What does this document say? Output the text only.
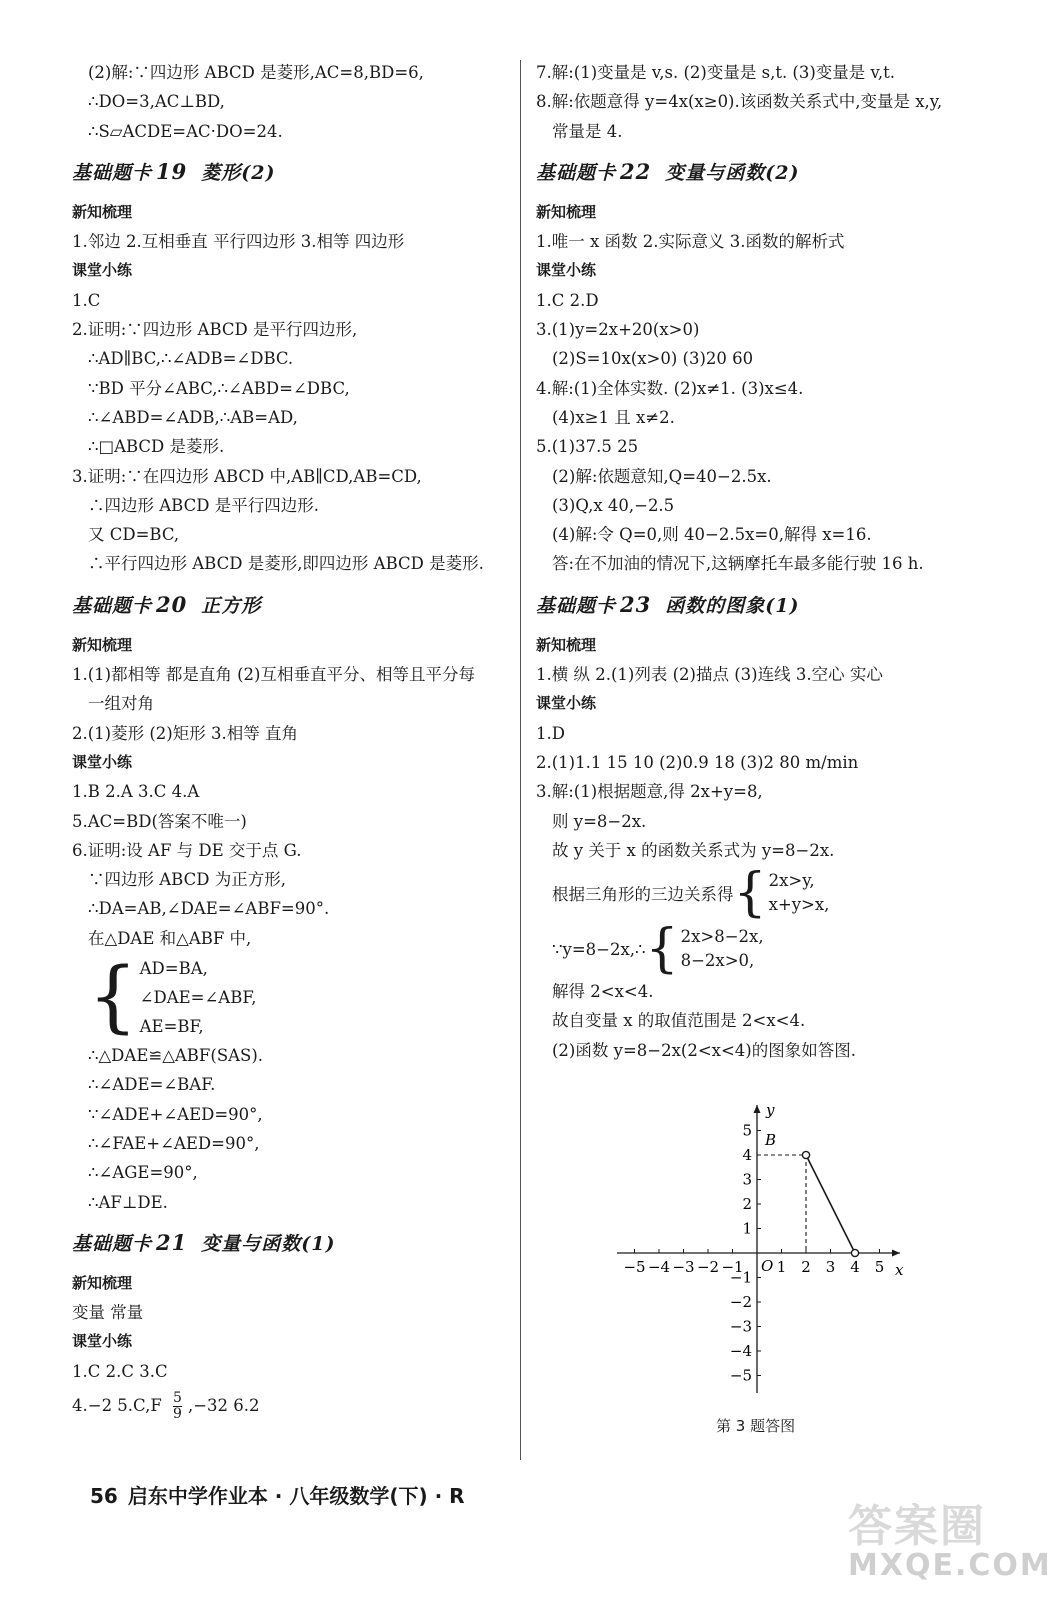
(2)解:∵四边形 ABCD 是菱形,AC=8,BD=6,
∴DO=3,AC⊥BD,
∴S▱ACDE=AC·DO=24.
基础题卡 19 菱形(2)
新知梳理
1.邻边 2.互相垂直 平行四边形 3.相等 四边形
课堂小练
1.C
2.证明:∵四边形 ABCD 是平行四边形,
∴AD∥BC,∴∠ADB=∠DBC.
∵BD 平分∠ABC,∴∠ABD=∠DBC,
∴∠ABD=∠ADB,∴AB=AD,
∴□ABCD 是菱形.
3.证明:∵在四边形 ABCD 中,AB∥CD,AB=CD,
∴四边形 ABCD 是平行四边形.
又 CD=BC,
∴平行四边形 ABCD 是菱形,即四边形 ABCD 是菱形.
基础题卡 20 正方形
新知梳理
1.(1)都相等 都是直角 (2)互相垂直平分、相等且平分每
一组对角
2.(1)菱形 (2)矩形 3.相等 直角
课堂小练
1.B 2.A 3.C 4.A
5.AC=BD(答案不唯一)
6.证明:设 AF 与 DE 交于点 G.
∵四边形 ABCD 为正方形,
∴DA=AB,∠DAE=∠ABF=90°.
在△DAE 和△ABF 中,
{ AD=BA,
∠DAE=∠ABF,
AE=BF,
∴△DAE≌△ABF(SAS).
∴∠ADE=∠BAF.
∵∠ADE+∠AED=90°,
∴∠FAE+∠AED=90°,
∴∠AGE=90°,
∴AF⊥DE.
基础题卡 21 变量与函数(1)
新知梳理
变量 常量
课堂小练
1.C 2.C 3.C
4.−2 $5.C,F \frac{5}{9} ,-32$ 6.2
7.解:(1)变量是 v,s. (2)变量是 s,t. (3)变量是 v,t.
8.解:依题意得 y=4x(x≥0).该函数关系式中,变量是 x,y,
常量是 4.
基础题卡 22 变量与函数(2)
新知梳理
1.唯一 x 函数 2.实际意义 3.函数的解析式
课堂小练
1.C 2.D
3.(1)y=2x+20(x>0)
(2)S=10x(x>0) (3)20 60
4.解:(1)全体实数. (2)x≠1. (3)x≤4.
(4)x≥1 且 x≠2.
5.(1)37.5 25
(2)解:依题意知,Q=40−2.5x.
(3)Q,x 40,−2.5
(4)解:令 Q=0,则 40−2.5x=0,解得 x=16.
答:在不加油的情况下,这辆摩托车最多能行驶 16 h.
基础题卡 23 函数的图象(1)
新知梳理
1.横 纵 2.(1)列表 (2)描点 (3)连线 3.空心 实心
课堂小练
1.D
2.(1)1.1 15 10 (2)0.9 18 (3)2 80 m/min
3.解:(1)根据题意,得 2x+y=8,
则 y=8−2x.
故 y 关于 x 的函数关系式为 y=8−2x.
根据三角形的三边关系得 { 2x>y,
x+y>x,
∵y=8−2x,∴ { 2x>8−2x,
8−2x>0,
解得 2<x<4.
故自变量 x 的取值范围是 2<x<4.
(2)函数 y=8−2x(2<x<4)的图象如答图.
x
y
O
−5 −4 −3 −2 −1 1 2 3 4 5
5
4
3
2
1
−1
−2
−3
−4
−5
B
第 3 题答图
56 启东中学作业本 · 八年级数学(下) · R
答案圈
MXQE.COM
